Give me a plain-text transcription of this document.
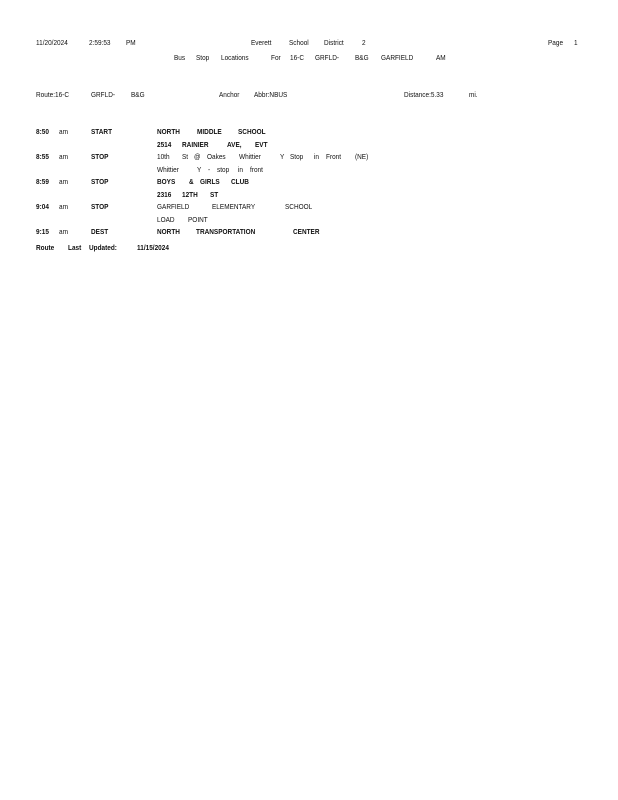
11/20/2024	2:59:53 PM	Everett School District 2	Page 1
Bus Stop Locations	For 16-C GRFLD- B&G GARFIELD	AM
Route:16-C	GRFLD- B&G	Anchor Abbr:NBUS	Distance:5.33	mi.
8:50 am	START	NORTH MIDDLE SCHOOL
2514 RAINIER AVE, EVT
8:55 am	STOP	10th St @ Oakes Whittier	Y Stop in Front (NE)
Whittier Y - stop in front
8:59 am	STOP	BOYS & GIRLS CLUB
2316 12TH ST
9:04 am	STOP	GARFIELD	ELEMENTARY	SCHOOL
LOAD POINT
9:15 am	DEST	NORTH TRANSPORTATION	CENTER
Route Last Updated:	11/15/2024
